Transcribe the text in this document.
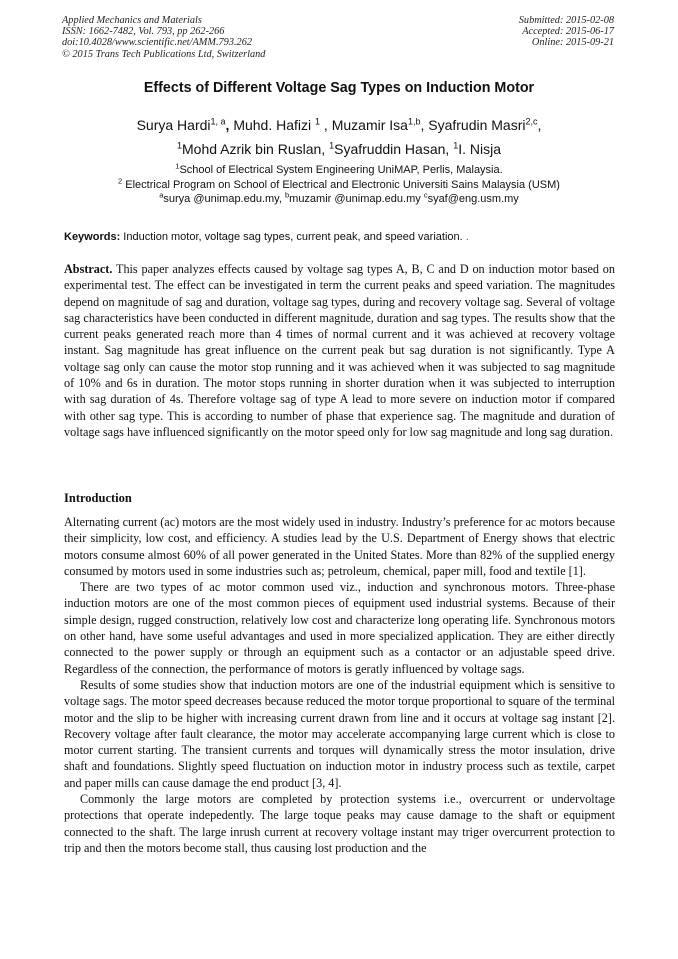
Applied Mechanics and Materials
ISSN: 1662-7482, Vol. 793, pp 262-266
doi:10.4028/www.scientific.net/AMM.793.262
© 2015 Trans Tech Publications Ltd, Switzerland
Submitted: 2015-02-08
Accepted: 2015-06-17
Online: 2015-09-21
Effects of Different Voltage Sag Types on Induction Motor
Surya Hardi$^{1, a}$, Muhd. Hafizi $^1$ , Muzamir Isa$^{1,b}$, Syafrudin Masri$^{2,c}$,
$^1$Mohd Azrik bin Ruslan, $^1$Syafruddin Hasan, $^1$I. Nisja
$^1$School of Electrical System Engineering UniMAP, Perlis, Malaysia.
$^2$ Electrical Program on School of Electrical and Electronic Universiti Sains Malaysia (USM)
$^a$surya @unimap.edu.my, $^b$muzamir @unimap.edu.my $^c$syaf@eng.usm.my
Keywords: Induction motor, voltage sag types, current peak, and speed variation. .
Abstract. This paper analyzes effects caused by voltage sag types A, B, C and D on induction motor based on experimental test. The effect can be investigated in term the current peaks and speed variation. The magnitudes depend on magnitude of sag and duration, voltage sag types, during and recovery voltage sag. Several of voltage sag characteristics have been conducted in different magnitude, duration and sag types. The results show that the current peaks generated reach more than 4 times of normal current and it was achieved at recovery voltage instant. Sag magnitude has great influence on the current peak but sag duration is not significantly. Type A voltage sag only can cause the motor stop running and it was achieved when it was subjected to sag magnitude of 10% and 6s in duration. The motor stops running in shorter duration when it was subjected to interruption with sag duration of 4s. Therefore voltage sag of type A lead to more severe on induction motor if compared with other sag type. This is according to number of phase that experience sag. The magnitude and duration of voltage sags have influenced significantly on the motor speed only for low sag magnitude and long sag duration.
Introduction

Alternating current (ac) motors are the most widely used in industry. Industry’s preference for ac motors because their simplicity, low cost, and efficiency. A studies lead by the U.S. Department of Energy shows that electric motors consume almost 60% of all power generated in the United States. More than 82% of the supplied energy consumed by motors used in some industries such as; petroleum, chemical, paper mill, food and textile [1].

There are two types of ac motor common used viz., induction and synchronous motors. Three-phase induction motors are one of the most common pieces of equipment used industrial systems. Because of their simple design, rugged construction, relatively low cost and characterize long operating life. Synchronous motors on other hand, have some useful advantages and used in more specialized application. They are either directly connected to the power supply or through an equipment such as a contactor or an adjustable speed drive. Regardless of the connection, the performance of motors is geratly influenced by voltage sags.

Results of some studies show that induction motors are one of the industrial equipment which is sensitive to voltage sags. The motor speed decreases because reduced the motor torque proportional to square of the terminal motor and the slip to be higher with increasing current drawn from line and it occurs at voltage sag instant [2]. Recovery voltage after fault clearance, the motor may accelerate accompanying large current which is close to motor current starting. The transient currents and torques will dynamically stress the motor insulation, drive shaft and foundations. Slightly speed fluctuation on induction motor in industry process such as textile, carpet and paper mills can cause damage the end product [3, 4].

Commonly the large motors are completed by protection systems i.e., overcurrent or undervoltage protections that operate indepedently. The large toque peaks may cause damage to the shaft or equipment connected to the shaft. The large inrush current at recovery voltage instant may triger overcurrent protection to trip and then the motors become stall, thus causing lost production and the
